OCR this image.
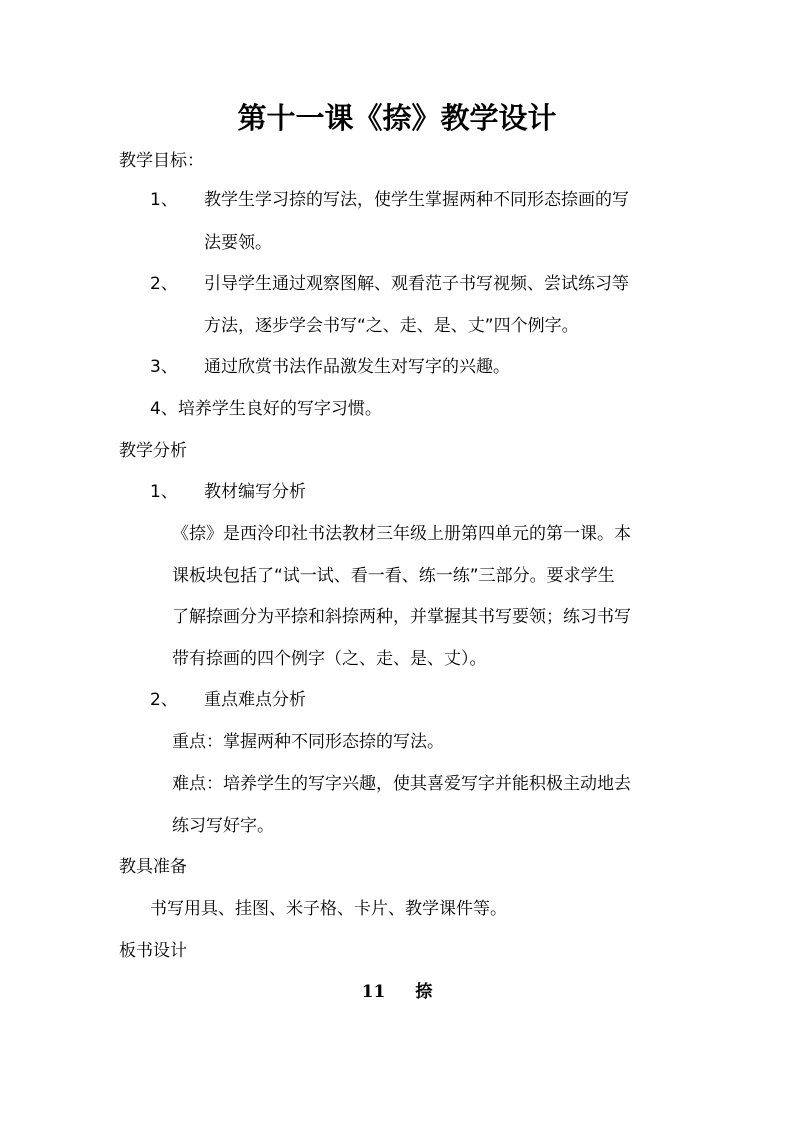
第十一课《捺》教学设计
教学目标：
1、 教学生学习捺的写法，使学生掌握两种不同形态捺画的写
法要领。
2、 引导学生通过观察图解、观看范子书写视频、尝试练习等
方法，逐步学会书写“之、走、是、丈”四个例字。
3、 通过欣赏书法作品激发生对写字的兴趣。
4、培养学生良好的写字习惯。
教学分析
1、 教材编写分析
《捺》是西泠印社书法教材三年级上册第四单元的第一课。本
课板块包括了“试一试、看一看、练一练”三部分。要求学生
了解捺画分为平捺和斜捺两种，并掌握其书写要领；练习书写
带有捺画的四个例字（之、走、是、丈）。
2、 重点难点分析
重点：掌握两种不同形态捺的写法。
难点：培养学生的写字兴趣，使其喜爱写字并能积极主动地去
练习写好字。
教具准备
书写用具、挂图、米子格、卡片、教学课件等。
板书设计
11 捺
